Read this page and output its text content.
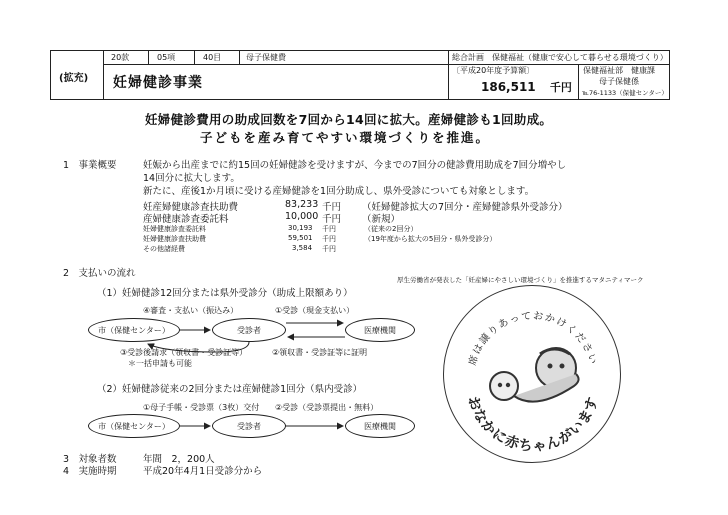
(拡充)
20款	05項	40目	母子保健費
妊婦健診事業
総合計画　保健福祉（健康で安心して暮らせる環境づくり）
〔平成20年度予算額〕
186,511 千円
保健福祉部　健康課
母子保健係
℡76-1133（保健センター）
妊婦健診費用の助成回数を7回から14回に拡大。産婦健診も1回助成。
子どもを産み育てやすい環境づくりを推進。
1　事業概要	妊娠から出産までに約15回の妊婦健診を受けますが、今までの7回分の健診費用助成を7回分増やし
14回分に拡大します。
新たに、産後1か月頃に受ける産婦健診を1回分助成し、県外受診についても対象とします。
妊産婦健康診査扶助費	83,233 千円 （妊婦健診拡大の7回分・産婦健診県外受診分）
産婦健康診査委託料	10,000 千円 （新規）
妊婦健康診査委託料	30,193 千円	（従来の2回分）
妊婦健康診査扶助費	59,501 千円	（19年度から拡大の5回分・県外受診分）
その他諸経費	3,584 千円
2　支払いの流れ
厚生労働省が発表した「妊産婦にやさしい環境づくり」を推進するマタニティマーク
（1）妊婦健診12回分または県外受診分（助成上限額あり）
④審査・支払い（振込み）	①受診（現金支払い）
市（保健センター）	受診者	医療機関
③受診後請求（領収書・受診証等）
＊一括申請も可能
②領収書・受診証等に証明
（2）妊婦健診従来の2回分または産婦健診1回分（県内受診）
①母子手帳・受診票（3枚）交付 ②受診（受診票提出・無料）
市（保健センター）	受診者	医療機関
3　対象者数	年間　2，200人
4　実施時期	平成20年4月1日受診分から
席は譲りあっておかけください
おなかに赤ちゃんがいます
